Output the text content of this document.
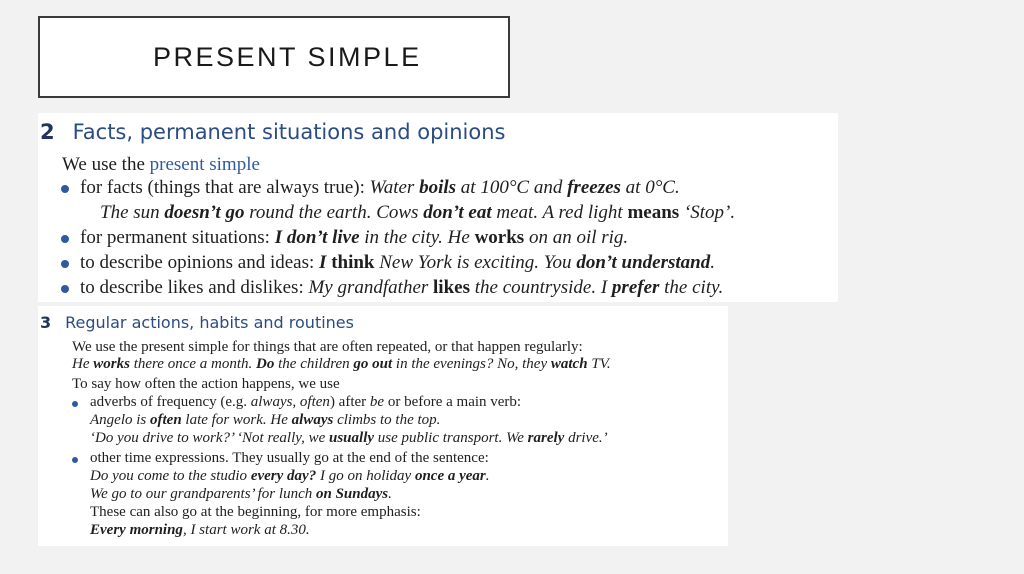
PRESENT SIMPLE
2 Facts, permanent situations and opinions
We use the present simple
for facts (things that are always true): Water boils at 100°C and freezes at 0°C.
The sun doesn’t go round the earth. Cows don’t eat meat. A red light means ‘Stop’.
for permanent situations: I don’t live in the city. He works on an oil rig.
to describe opinions and ideas: I think New York is exciting. You don’t understand.
to describe likes and dislikes: My grandfather likes the countryside. I prefer the city.
3 Regular actions, habits and routines
We use the present simple for things that are often repeated, or that happen regularly:
He works there once a month. Do the children go out in the evenings? No, they watch TV.
To say how often the action happens, we use
adverbs of frequency (e.g. always, often) after be or before a main verb:
Angelo is often late for work. He always climbs to the top.
‘Do you drive to work?’ ‘Not really, we usually use public transport. We rarely drive.’
other time expressions. They usually go at the end of the sentence:
Do you come to the studio every day? I go on holiday once a year.
We go to our grandparents’ for lunch on Sundays.
These can also go at the beginning, for more emphasis:
Every morning, I start work at 8.30.
